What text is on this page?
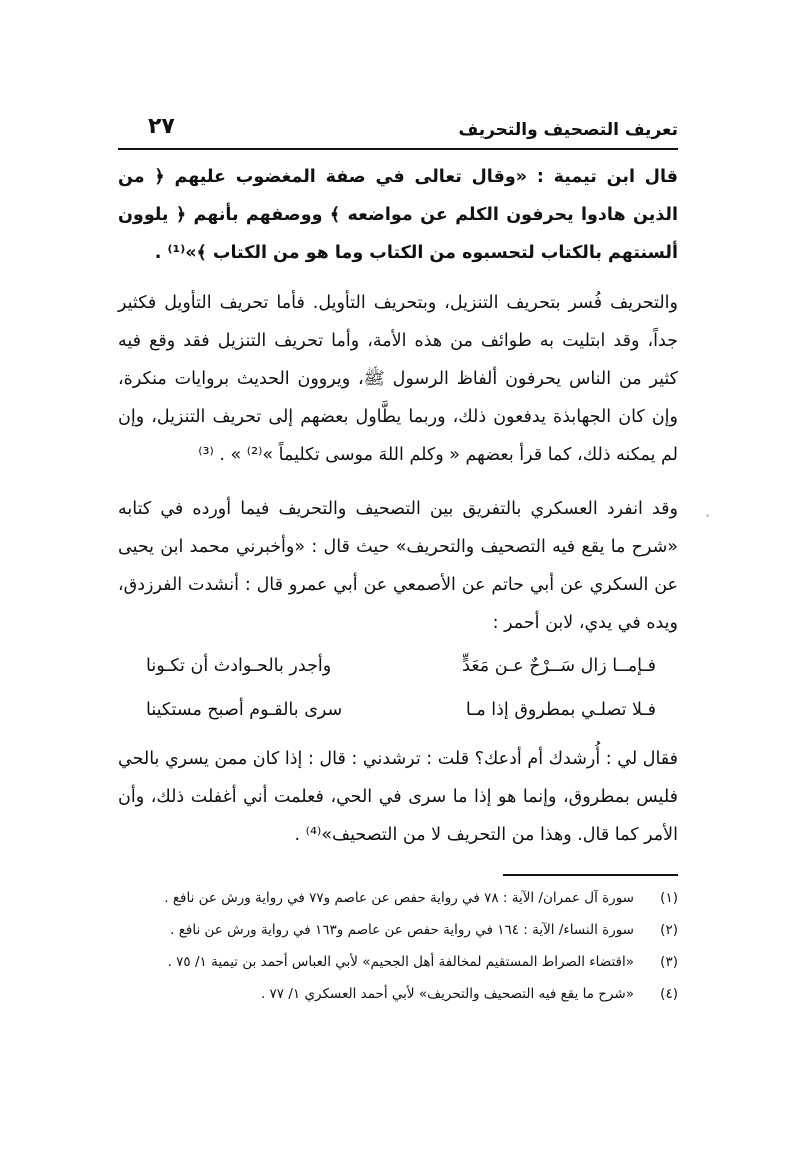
تعريف التصحيف والتحريف
٢٧

قال ابن تيمية : «وقال تعالى في صفة المغضوب عليهم ﴿ من الذين هادوا يحرفون الكلم عن مواضعه ﴾ ووصفهم بأنهم ﴿ يلوون ألسنتهم بالكتاب لتحسبوه من الكتاب وما هو من الكتاب ﴾»⁽¹⁾ .

والتحريف فُسر بتحريف التنزيل، وبتحريف التأويل. فأما تحريف التأويل فكثير جداً، وقد ابتليت به طوائف من هذه الأمة، وأما تحريف التنزيل فقد وقع فيه كثير من الناس يحرفون ألفاظ الرسول ﷺ، ويروون الحديث بروايات منكرة، وإن كان الجهابذة يدفعون ذلك، وربما يطَّاول بعضهم إلى تحريف التنزيل، وإن لم يمكنه ذلك، كما قرأ بعضهم « وكلم اللهَ موسى تكليماً »⁽²⁾ » . ⁽³⁾

وقد انفرد العسكري بالتفريق بين التصحيف والتحريف فيما أورده في كتابه «شرح ما يقع فيه التصحيف والتحريف» حيث قال : «وأخبرني محمد ابن يحيى عن السكري عن أبي حاتم عن الأصمعي عن أبي عمرو قال : أنشدت الفرزدق، ويده في يدي، لابن أحمر :

فـإمــا زال سَــرْحٌ عـن مَعَدٍّ
وأجدر بالحـوادث أن تكـونا
فـلا تصلـي بمطروق إذا مـا
سرى بالقـوم أصبح مستكينا

فقال لي : أُرشدك أم أدعك؟ قلت : ترشدني : قال : إذا كان ممن يسري بالحي فليس بمطروق، وإنما هو إذا ما سرى في الحي، فعلمت أني أغفلت ذلك، وأن الأمر كما قال. وهذا من التحريف لا من التصحيف»⁽⁴⁾ .

(١)
سورة آل عمران/ الآية : ٧٨ في رواية حفص عن عاصم و٧٧ في رواية ورش عن نافع .
(٢)
سورة النساء/ الآية : ١٦٤ في رواية حفص عن عاصم و١٦٣ في رواية ورش عن نافع .
(٣)
«اقتضاء الصراط المستقيم لمخالفة أهل الجحيم» لأبي العباس أحمد بن تيمية ١/ ٧٥ .
(٤)
«شرح ما يقع فيه التصحيف والتحريف» لأبي أحمد العسكري ١/ ٧٧ .
